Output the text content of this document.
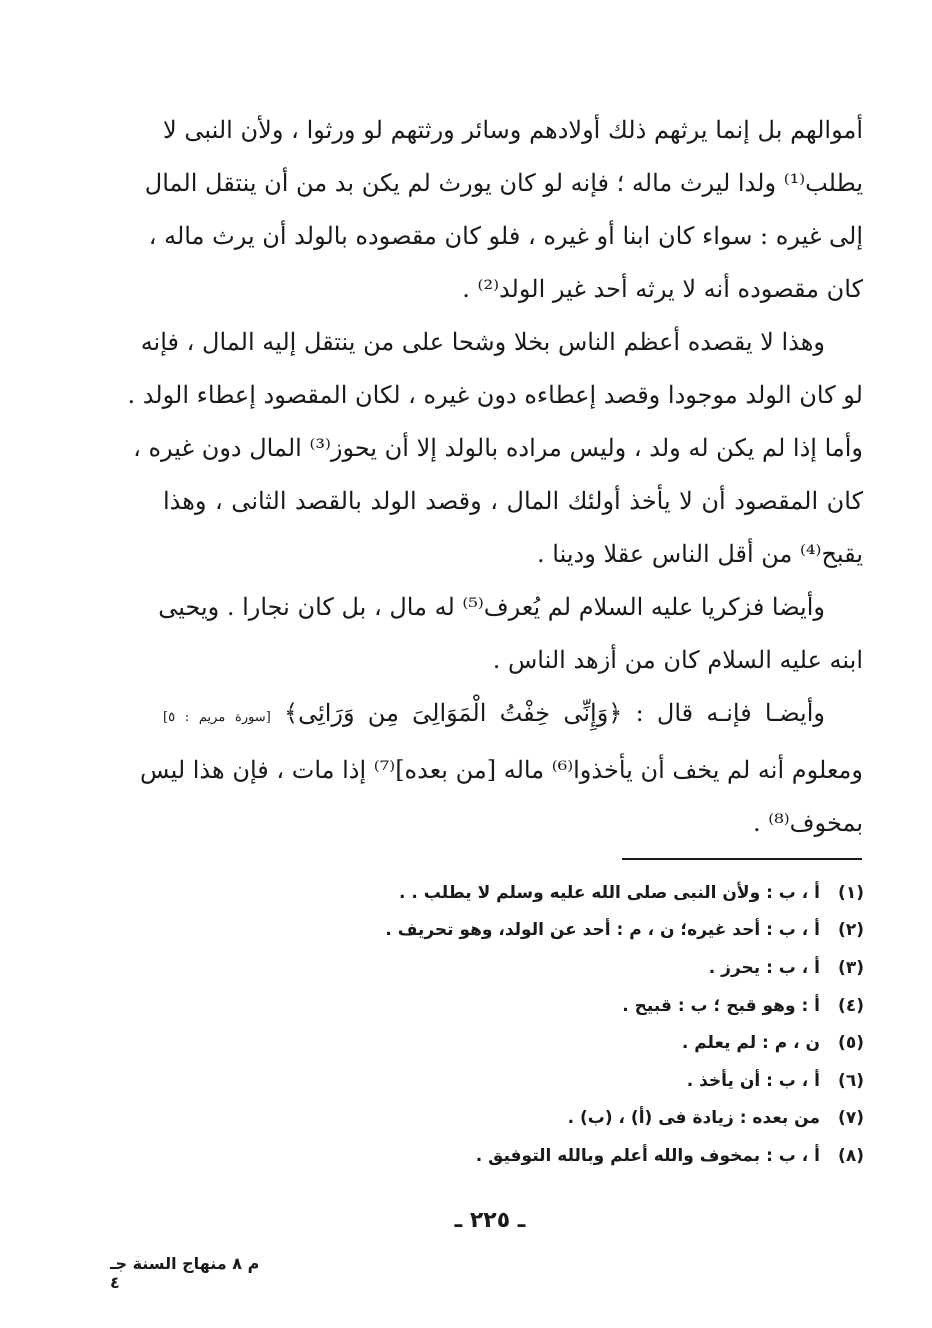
أموالهم بل إنما يرثهم ذلك أولادهم وسائر ورثتهم لو ورثوا ، ولأن النبى لا
يطلب⁽¹⁾ ولدا ليرث ماله ؛ فإنه لو كان يورث لم يكن بد من أن ينتقل المال
إلى غيره : سواء كان ابنا أو غيره ، فلو كان مقصوده بالولد أن يرث ماله ،
كان مقصوده أنه لا يرثه أحد غير الولد⁽²⁾ .
وهذا لا يقصده أعظم الناس بخلا وشحا على من ينتقل إليه المال ، فإنه
لو كان الولد موجودا وقصد إعطاءه دون غيره ، لكان المقصود إعطاء الولد .
وأما إذا لم يكن له ولد ، وليس مراده بالولد إلا أن يحوز⁽³⁾ المال دون غيره ،
كان المقصود أن لا يأخذ أولئك المال ، وقصد الولد بالقصد الثانى ، وهذا
يقبح⁽⁴⁾ من أقل الناس عقلا ودينا .
وأيضا فزكريا عليه السلام لم يُعرف⁽⁵⁾ له مال ، بل كان نجارا . ويحيى
ابنه عليه السلام كان من أزهد الناس .
وأيضـا فإنـه قال : ﴿وَإِنِّى خِفْتُ الْمَوَالِىَ مِن وَرَائِى﴾ [سورة مريم : ٥]
ومعلوم أنه لم يخف أن يأخذوا⁽⁶⁾ ماله [من بعده]⁽⁷⁾ إذا مات ، فإن هذا ليس
بمخوف⁽⁸⁾ .
(١)
أ ، ب : ولأن النبى صلى الله عليه وسلم لا يطلب . .
(٢)
أ ، ب : أحد غيره؛ ن ، م : أحد عن الولد، وهو تحريف .
(٣)
أ ، ب : يحرز .
(٤)
أ : وهو قبح ؛ ب : قبيح .
(٥)
ن ، م : لم يعلم .
(٦)
أ ، ب : أن يأخذ .
(٧)
من بعده : زيادة فى (أ) ، (ب) .
(٨)
أ ، ب : بمخوف والله أعلم وبالله التوفيق .
ـ ٢٢٥ ـ
م ٨ منهاج السنة جـ ٤
